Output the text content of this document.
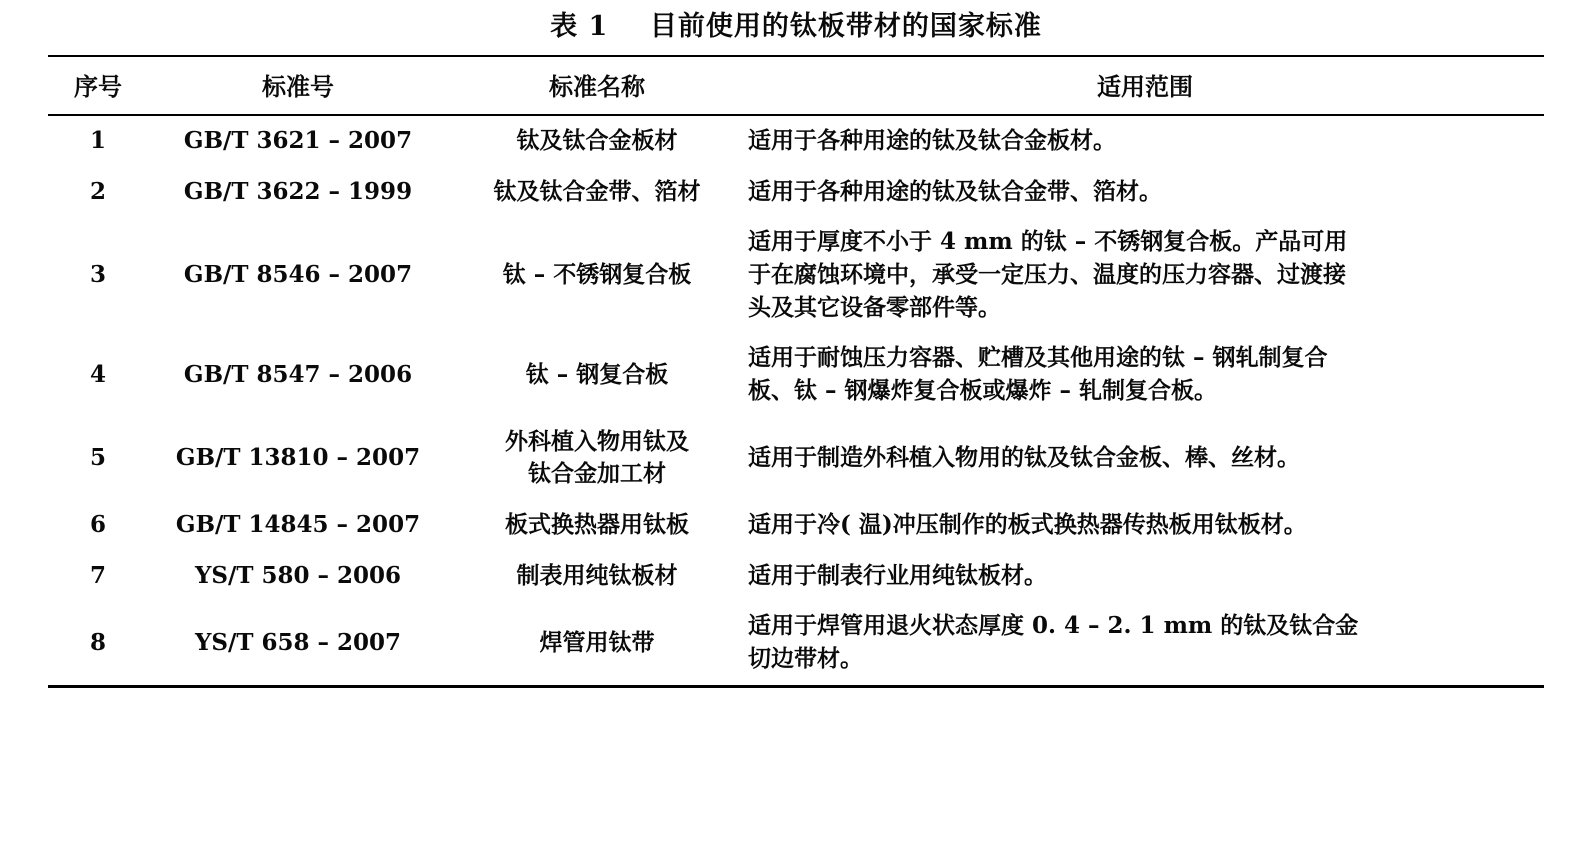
表 1    目前使用的钛板带材的国家标准
序号	标准号	标准名称	适用范围
1	GB/T 3621 – 2007	钛及钛合金板材	适用于各种用途的钛及钛合金板材。

2	GB/T 3622 – 1999	钛及钛合金带、箔材	适用于各种用途的钛及钛合金带、箔材。

3	GB/T 8546 – 2007	钛 – 不锈钢复合板	适用于厚度不小于 4 mm 的钛 – 不锈钢复合板。产品可用
于在腐蚀环境中，承受一定压力、温度的压力容器、过渡接
头及其它设备零部件等。

4	GB/T 8547 – 2006	钛 – 钢复合板	适用于耐蚀压力容器、贮槽及其他用途的钛 – 钢轧制复合
板、钛 – 钢爆炸复合板或爆炸 – 轧制复合板。

5	GB/T 13810 – 2007	外科植入物用钛及
钛合金加工材	适用于制造外科植入物用的钛及钛合金板、棒、丝材。

6	GB/T 14845 – 2007	板式换热器用钛板	适用于冷( 温)冲压制作的板式换热器传热板用钛板材。

7	YS/T 580 – 2006	制表用纯钛板材	适用于制表行业用纯钛板材。

8	YS/T 658 – 2007	焊管用钛带	适用于焊管用退火状态厚度 0. 4 – 2. 1 mm 的钛及钛合金
切边带材。
